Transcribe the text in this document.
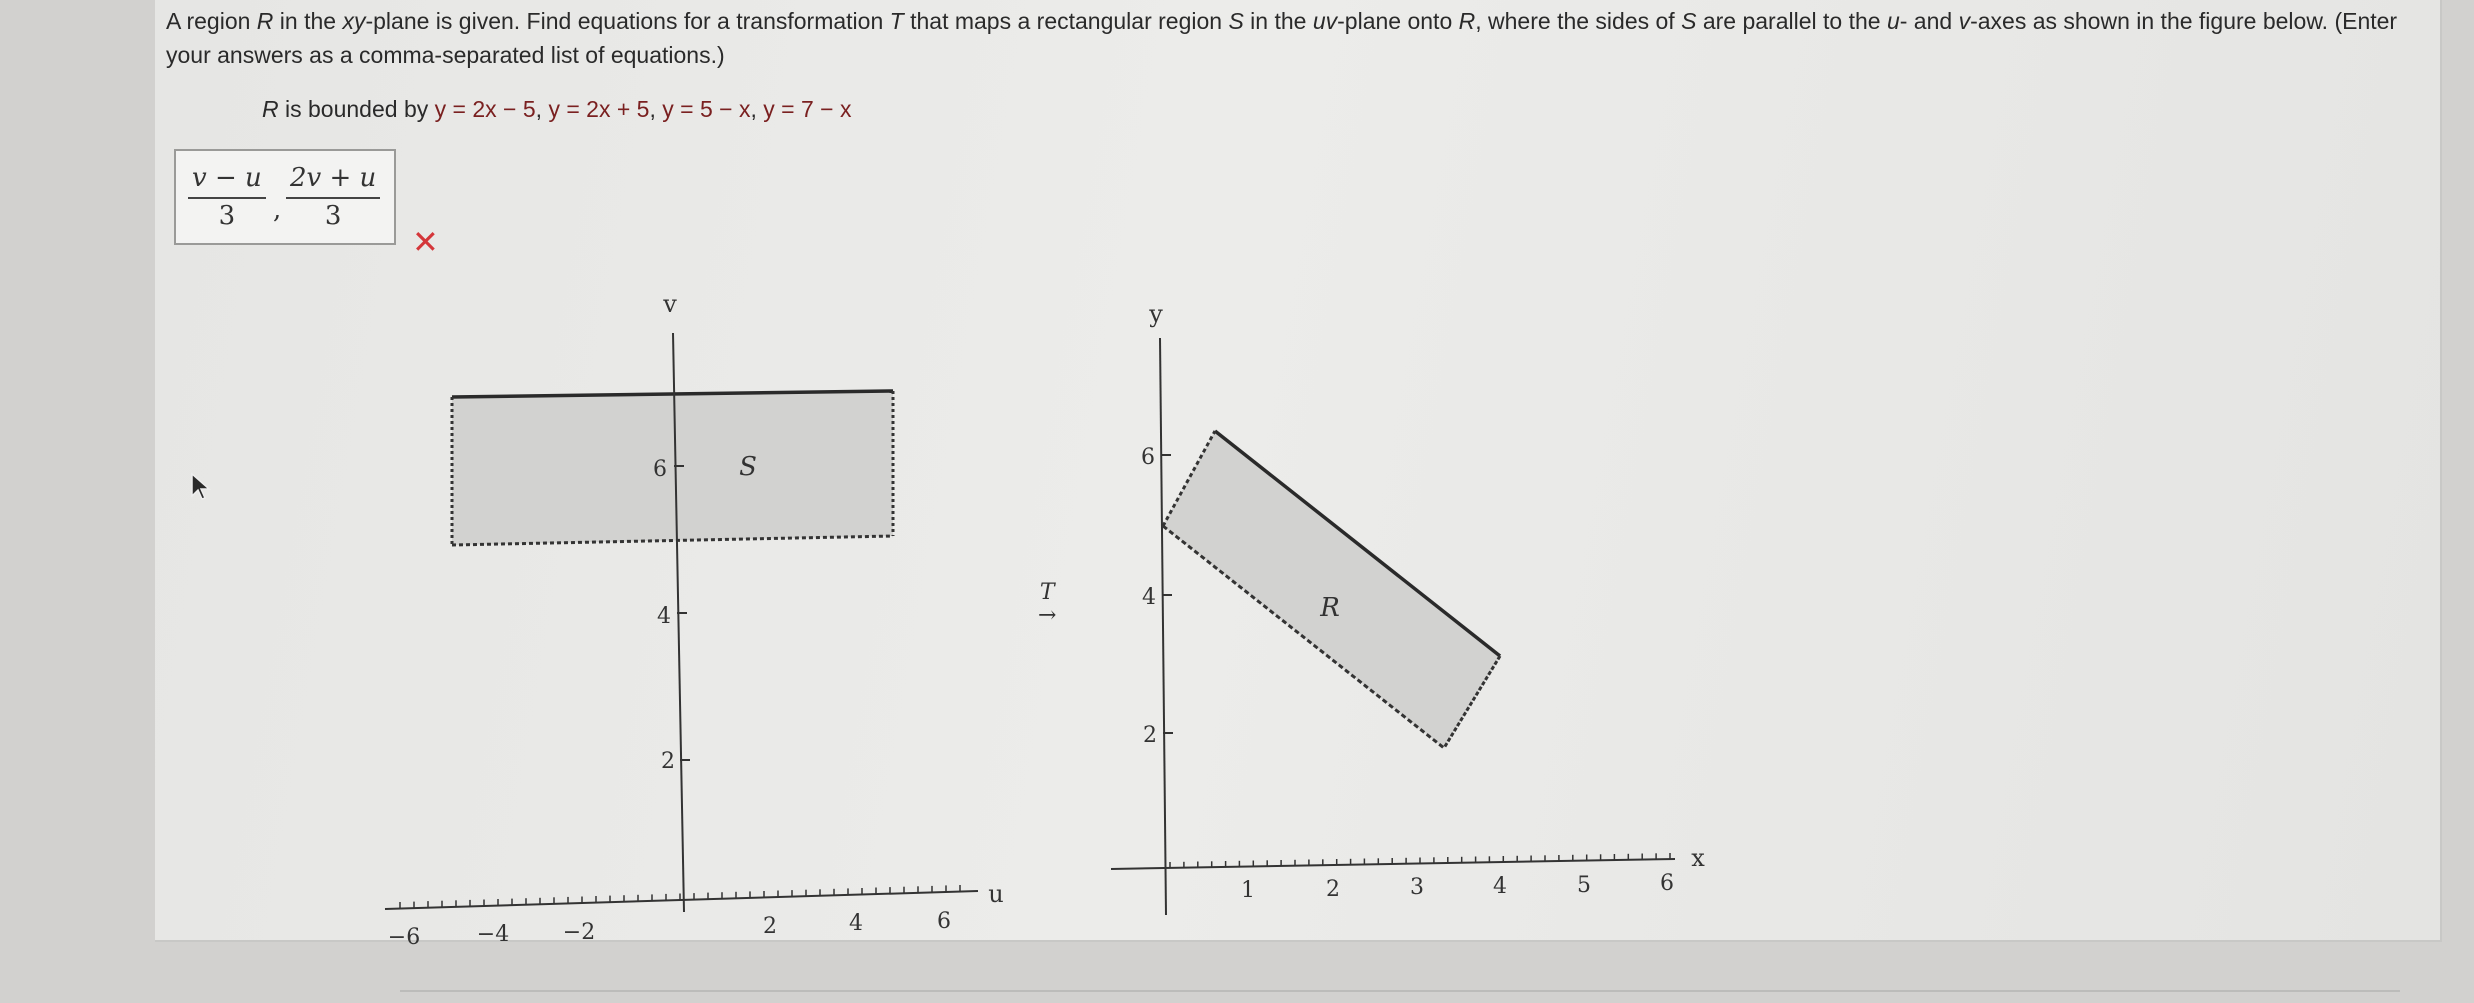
A region R in the xy-plane is given. Find equations for a transformation T that maps a rectangular region S in the uv-plane onto R, where the sides of S are parallel to the u- and v-axes as shown in the figure below. (Enter your answers as a comma-separated list of equations.)
R is bounded by y = 2x − 5, y = 2x + 5, y = 5 − x, y = 7 − x
v − u
3	,
2v + u
3
✕
−6	−4 −2	2	4	6
2
4
6
u
v
S
1	2	3	4	5	6
2
4
6
x
y
R
T
→
